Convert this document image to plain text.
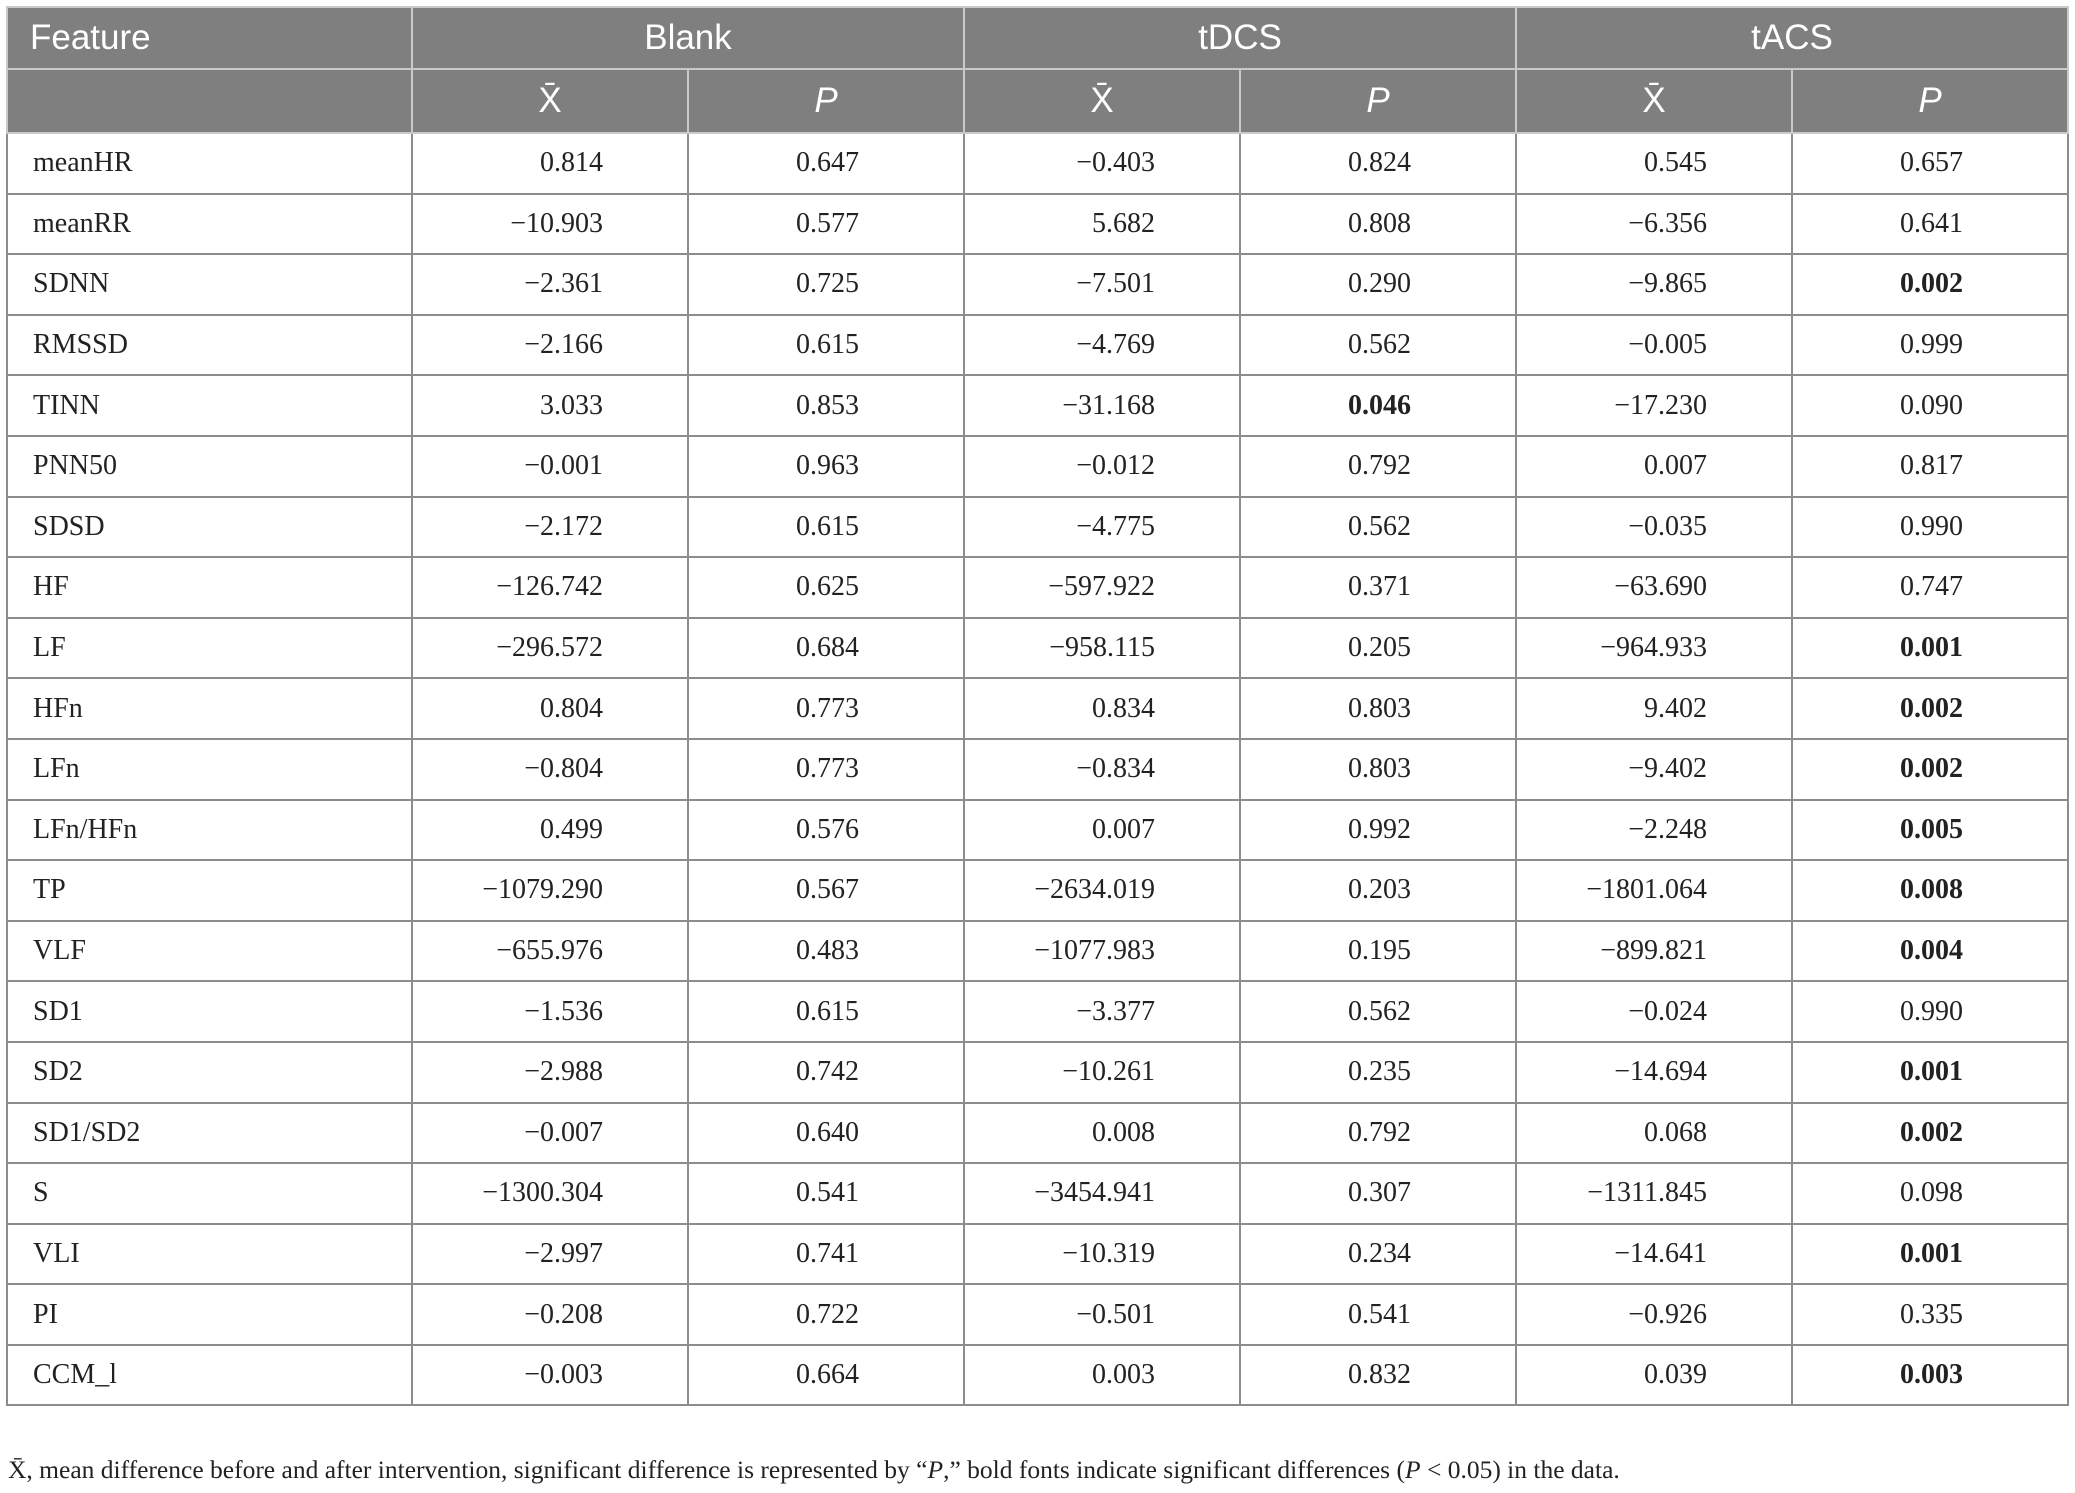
Feature	Blank		tDCS		tACS	
	X̄	P	X̄	P	X̄	P
meanHR	0.814	0.647	−0.403	0.824	0.545	0.657
meanRR	−10.903	0.577	5.682	0.808	−6.356	0.641
SDNN	−2.361	0.725	−7.501	0.290	−9.865	0.002
RMSSD	−2.166	0.615	−4.769	0.562	−0.005	0.999
TINN	3.033	0.853	−31.168	0.046	−17.230	0.090
PNN50	−0.001	0.963	−0.012	0.792	0.007	0.817
SDSD	−2.172	0.615	−4.775	0.562	−0.035	0.990
HF	−126.742	0.625	−597.922	0.371	−63.690	0.747
LF	−296.572	0.684	−958.115	0.205	−964.933	0.001
HFn	0.804	0.773	0.834	0.803	9.402	0.002
LFn	−0.804	0.773	−0.834	0.803	−9.402	0.002
LFn/HFn	0.499	0.576	0.007	0.992	−2.248	0.005
TP	−1079.290	0.567	−2634.019	0.203	−1801.064	0.008
VLF	−655.976	0.483	−1077.983	0.195	−899.821	0.004
SD1	−1.536	0.615	−3.377	0.562	−0.024	0.990
SD2	−2.988	0.742	−10.261	0.235	−14.694	0.001
SD1/SD2	−0.007	0.640	0.008	0.792	0.068	0.002
S	−1300.304	0.541	−3454.941	0.307	−1311.845	0.098
VLI	−2.997	0.741	−10.319	0.234	−14.641	0.001
PI	−0.208	0.722	−0.501	0.541	−0.926	0.335
CCM_l	−0.003	0.664	0.003	0.832	0.039	0.003
X̄, mean difference before and after intervention, significant difference is represented by “P,” bold fonts indicate significant differences (P < 0.05) in the data.
